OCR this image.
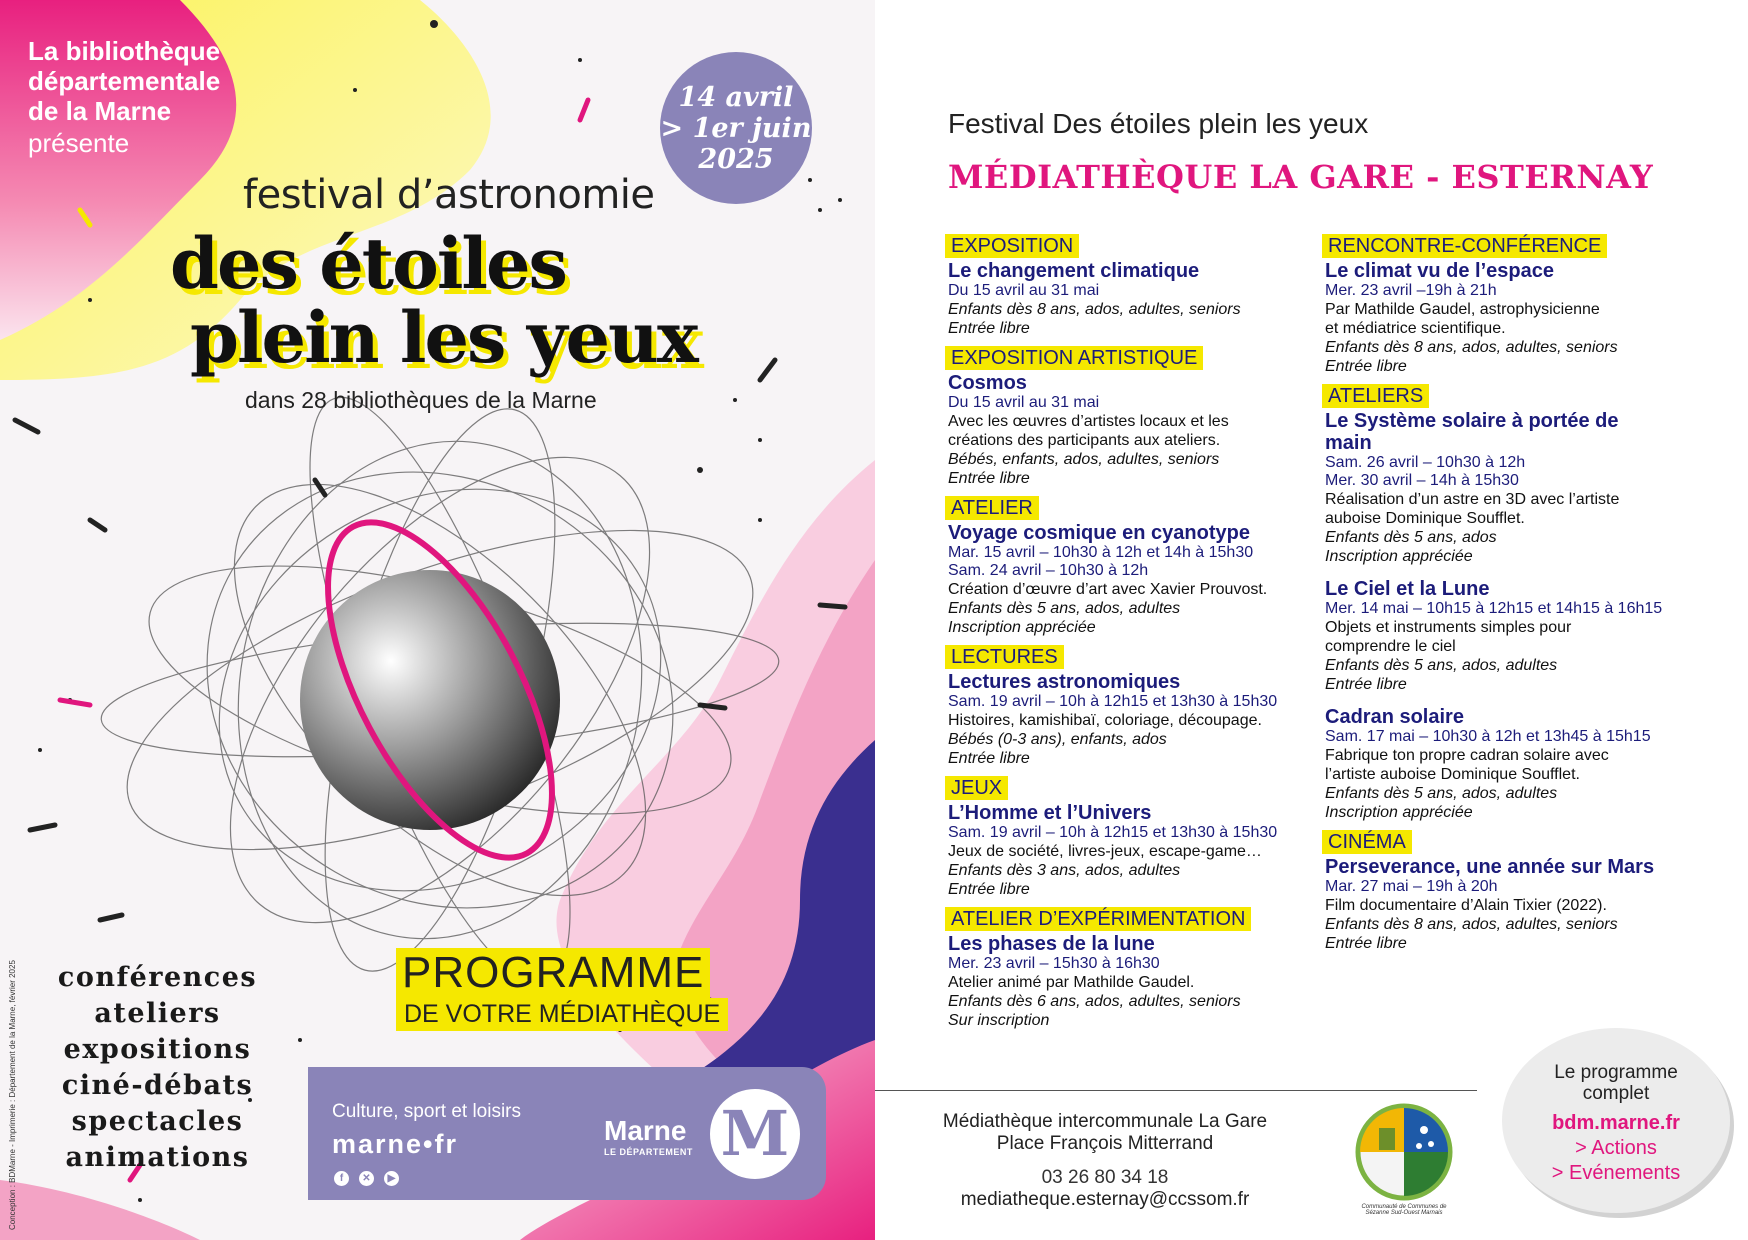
La bibliothèque
départementale
de la Marne
présente
14 avril
> 1er juin
2025
festival d’astronomie
des étoiles
plein les yeux
dans 28 bibliothèques de la Marne
conférences
ateliers
expositions
ciné-débats
spectacles
animations
PROGRAMME
DE VOTRE MÉDIATHÈQUE
Culture, sport et loisirs
marne•fr
f	✕	▶
Marne
LE DÉPARTEMENT M
Conception : BDMarne - Imprimerie : Département de la Marne, février 2025
Festival Des étoiles plein les yeux
MÉDIATHÈQUE LA GARE - ESTERNAY
EXPOSITION
Le changement climatique
Du 15 avril au 31 mai
Enfants dès 8 ans, ados, adultes, seniors
Entrée libre
EXPOSITION ARTISTIQUE
Cosmos
Du 15 avril au 31 mai
Avec les œuvres d’artistes locaux et les
créations des participants aux ateliers.
Bébés, enfants, ados, adultes, seniors
Entrée libre
ATELIER
Voyage cosmique en cyanotype
Mar. 15 avril – 10h30 à 12h et 14h à 15h30
Sam. 24 avril – 10h30 à 12h
Création d’œuvre d’art avec Xavier Prouvost.
Enfants dès 5 ans, ados, adultes
Inscription appréciée
LECTURES
Lectures astronomiques
Sam. 19 avril – 10h à 12h15 et 13h30 à 15h30
Histoires, kamishibaï, coloriage, découpage.
Bébés (0-3 ans), enfants, ados
Entrée libre
JEUX
L’Homme et l’Univers
Sam. 19 avril – 10h à 12h15 et 13h30 à 15h30
Jeux de société, livres-jeux, escape-game…
Enfants dès 3 ans, ados, adultes
Entrée libre
ATELIER D’EXPÉRIMENTATION
Les phases de la lune
Mer. 23 avril – 15h30 à 16h30
Atelier animé par Mathilde Gaudel.
Enfants dès 6 ans, ados, adultes, seniors
Sur inscription
RENCONTRE-CONFÉRENCE
Le climat vu de l’espace
Mer. 23 avril –19h à 21h
Par Mathilde Gaudel, astrophysicienne
et médiatrice scientifique.
Enfants dès 8 ans, ados, adultes, seniors
Entrée libre
ATELIERS
Le Système solaire à portée de main
Sam. 26 avril – 10h30 à 12h
Mer. 30 avril – 14h à 15h30
Réalisation d’un astre en 3D avec l’artiste
auboise Dominique Soufflet.
Enfants dès 5 ans, ados
Inscription appréciée
Le Ciel et la Lune
Mer. 14 mai – 10h15 à 12h15 et 14h15 à 16h15
Objets et instruments simples pour
comprendre le ciel
Enfants dès 5 ans, ados, adultes
Entrée libre
Cadran solaire
Sam. 17 mai – 10h30 à 12h et 13h45 à 15h15
Fabrique ton propre cadran solaire avec
l’artiste auboise Dominique Soufflet.
Enfants dès 5 ans, ados, adultes
Inscription appréciée
CINÉMA
Perseverance, une année sur Mars
Mar. 27 mai – 19h à 20h
Film documentaire d’Alain Tixier (2022).
Enfants dès 8 ans, ados, adultes, seniors
Entrée libre
Médiathèque intercommunale La Gare
Place François Mitterrand
03 26 80 34 18
mediatheque.esternay@ccssom.fr	Communauté de Communes de Sézanne Sud-Ouest Marnais
Le programme
complet
bdm.marne.fr
> Actions
> Evénements
